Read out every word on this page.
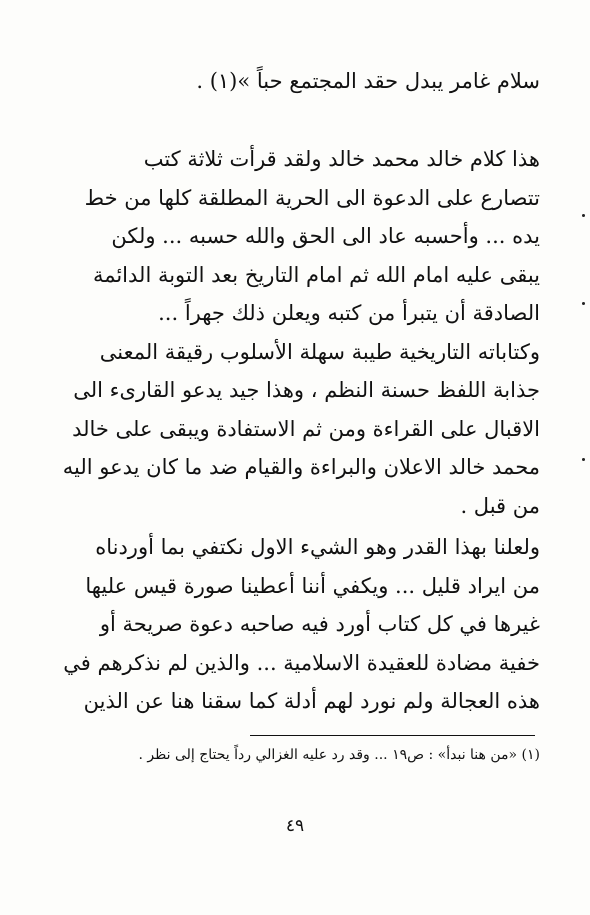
سلام غامر يبدل حقد المجتمع حباً »(١) .
هذا كلام خالد محمد خالد ولقد قرأت ثلاثة كتب
تتصارع على الدعوة الى الحرية المطلقة كلها من خط
يده ... وأحسبه عاد الى الحق والله حسبه ... ولكن
يبقى عليه امام الله ثم امام التاريخ بعد التوبة الدائمة
الصادقة أن يتبرأ من كتبه ويعلن ذلك جهراً ...
وكتاباته التاريخية طيبة سهلة الأسلوب رقيقة المعنى
جذابة اللفظ حسنة النظم ، وهذا جيد يدعو القارىء الى
الاقبال على القراءة ومن ثم الاستفادة ويبقى على خالد
محمد خالد الاعلان والبراءة والقيام ضد ما كان يدعو اليه
من قبل .
ولعلنا بهذا القدر وهو الشيء الاول نكتفي بما أوردناه
من ايراد قليل ... ويكفي أننا أعطينا صورة قيس عليها
غيرها في كل كتاب أورد فيه صاحبه دعوة صريحة أو
خفية مضادة للعقيدة الاسلامية ... والذين لم نذكرهم في
هذه العجالة ولم نورد لهم أدلة كما سقنا هنا عن الذين
(١) «من هنا نبدأ» : ص١٩ ... وقد رد عليه الغزالي رداً يحتاج إلى نظر .
٤٩
